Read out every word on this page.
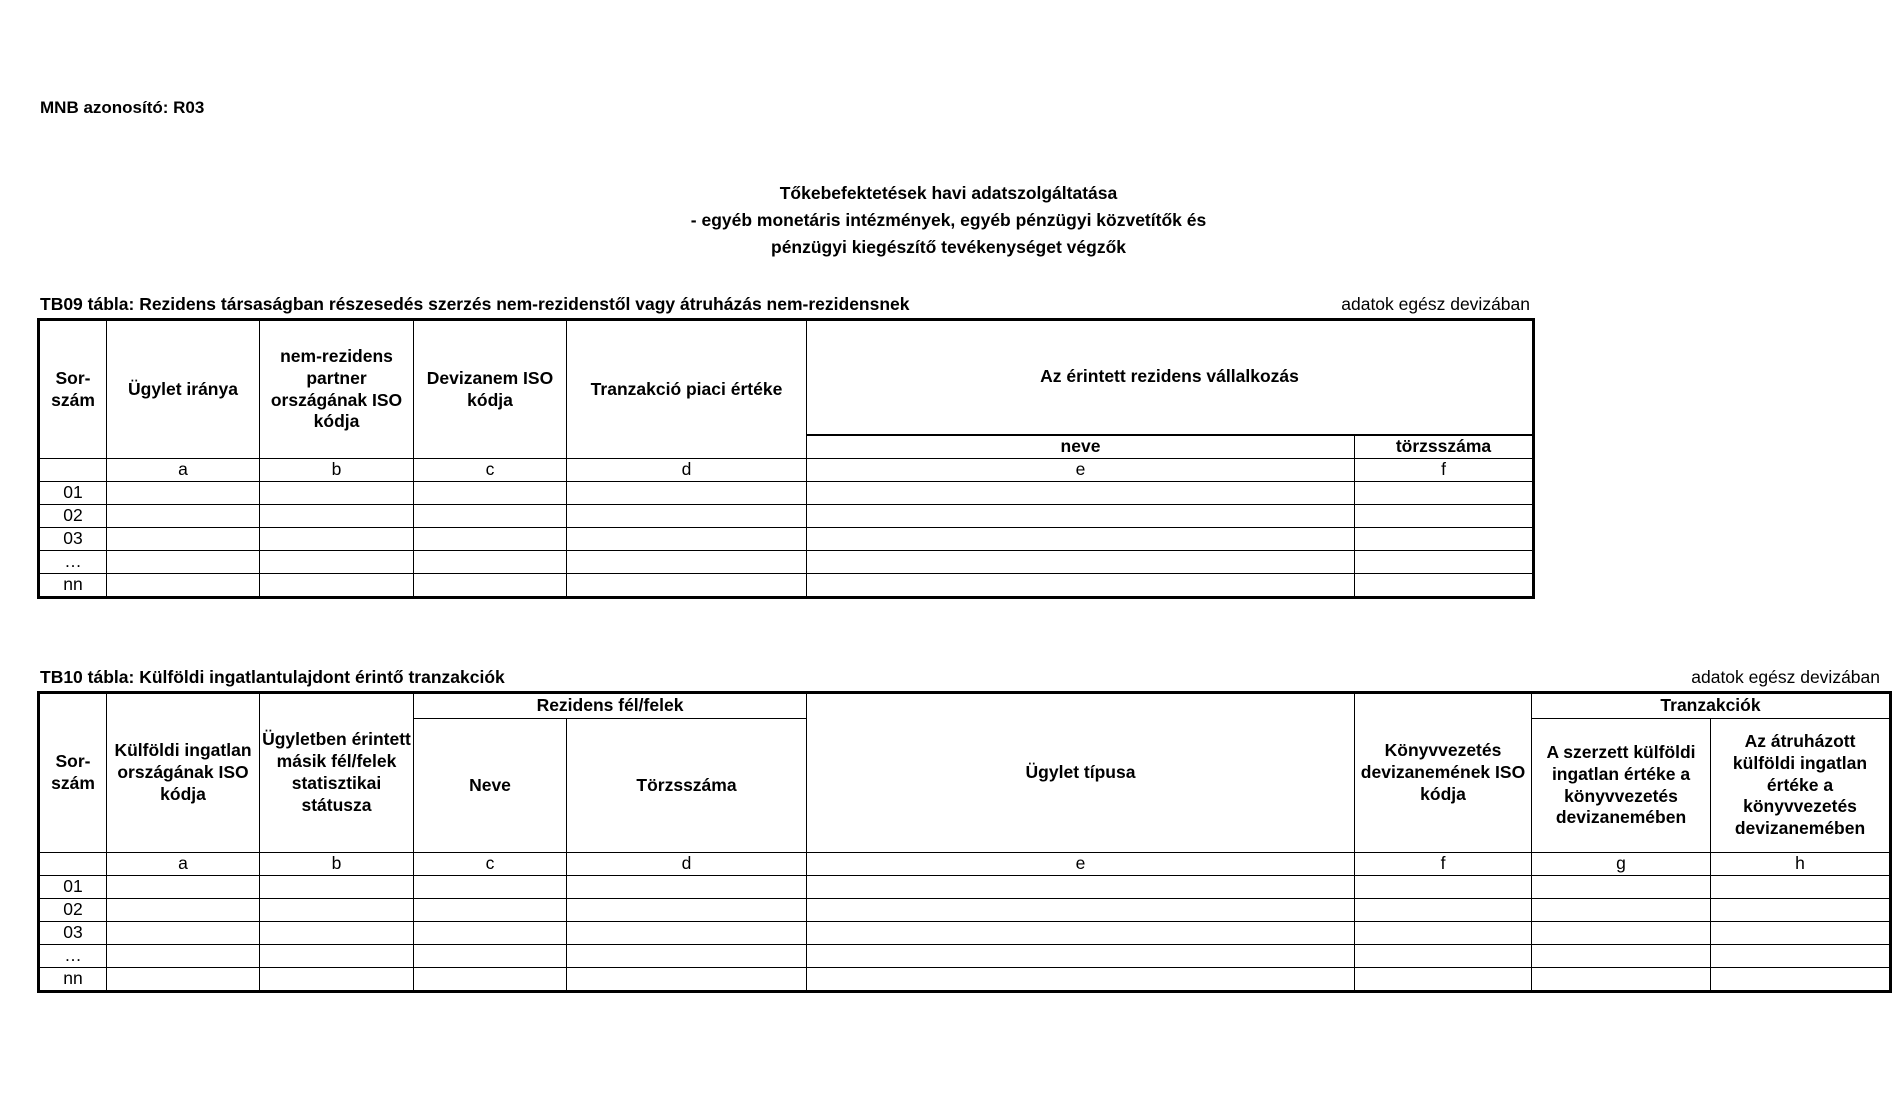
MNB azonosító: R03
Tőkebefektetések havi adatszolgáltatása
- egyéb monetáris intézmények, egyéb pénzügyi közvetítők és
pénzügyi kiegészítő tevékenységet végzők
TB09 tábla: Rezidens társaságban részesedés szerzés nem-rezidenstől vagy átruházás nem-rezidensnek	adatok egész devizában
Sor-szám	Ügylet iránya	nem-rezidens partner országának ISO kódja	Devizanem ISO kódja	Tranzakció piaci értéke	Az érintett rezidens vállalkozás	
					neve	törzsszáma
	a	b	c	d	e	f
01						
02						
03						
…						
nn						
TB10 tábla: Külföldi ingatlantulajdont érintő tranzakciók	adatok egész devizában
Sor-szám	Külföldi ingatlan országának ISO kódja	Ügyletben érintett másik fél/felek statisztikai státusza	Rezidens fél/felek		Ügylet típusa	Könyvvezetés devizanemének ISO kódja	Tranzakciók	
			Neve	Törzsszáma			A szerzett külföldi ingatlan értéke a könyvvezetés devizanemében	Az átruházott külföldi ingatlan értéke a könyvvezetés devizanemében
	a	b	c	d	e	f	g	h
01								
02								
03								
…								
nn								
